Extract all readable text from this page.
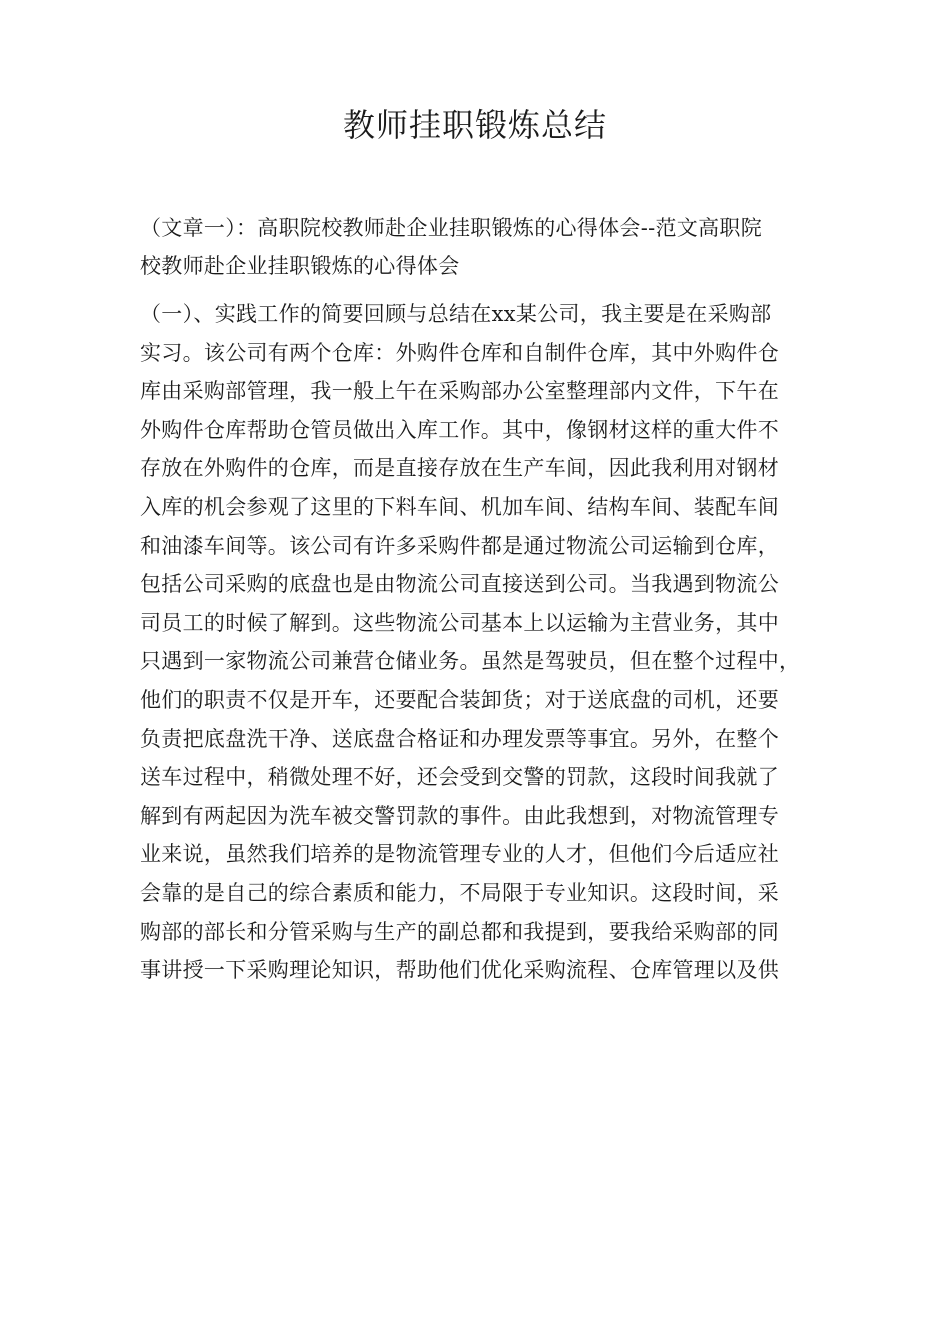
教师挂职锻炼总结
（文章一）：高职院校教师赴企业挂职锻炼的心得体会--范文高职院
校教师赴企业挂职锻炼的心得体会
（一）、实践工作的简要回顾与总结在xx某公司，我主要是在采购部
实习。该公司有两个仓库：外购件仓库和自制件仓库，其中外购件仓
库由采购部管理，我一般上午在采购部办公室整理部内文件，下午在
外购件仓库帮助仓管员做出入库工作。其中，像钢材这样的重大件不
存放在外购件的仓库，而是直接存放在生产车间，因此我利用对钢材
入库的机会参观了这里的下料车间、机加车间、结构车间、装配车间
和油漆车间等。该公司有许多采购件都是通过物流公司运输到仓库，
包括公司采购的底盘也是由物流公司直接送到公司。当我遇到物流公
司员工的时候了解到。这些物流公司基本上以运输为主营业务，其中
只遇到一家物流公司兼营仓储业务。虽然是驾驶员，但在整个过程中，
他们的职责不仅是开车，还要配合装卸货；对于送底盘的司机，还要
负责把底盘洗干净、送底盘合格证和办理发票等事宜。另外，在整个
送车过程中，稍微处理不好，还会受到交警的罚款，这段时间我就了
解到有两起因为洗车被交警罚款的事件。由此我想到，对物流管理专
业来说，虽然我们培养的是物流管理专业的人才，但他们今后适应社
会靠的是自己的综合素质和能力，不局限于专业知识。这段时间，采
购部的部长和分管采购与生产的副总都和我提到，要我给采购部的同
事讲授一下采购理论知识，帮助他们优化采购流程、仓库管理以及供
